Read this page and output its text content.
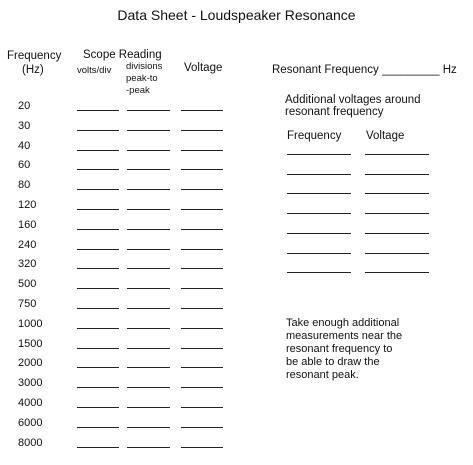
Data Sheet - Loudspeaker Resonance
Frequency
(Hz)
Scope Reading
volts/div divisions
peak-to
-peak
Voltage
20
30
40
60
80
120
160
240
320
500
750
1000
1500
2000
3000
4000
6000
8000
Resonant Frequency _________ Hz
Additional voltages around
resonant frequency
Frequency Voltage
Take enough additional
measurements near the
resonant frequency to
be able to draw the
resonant peak.
